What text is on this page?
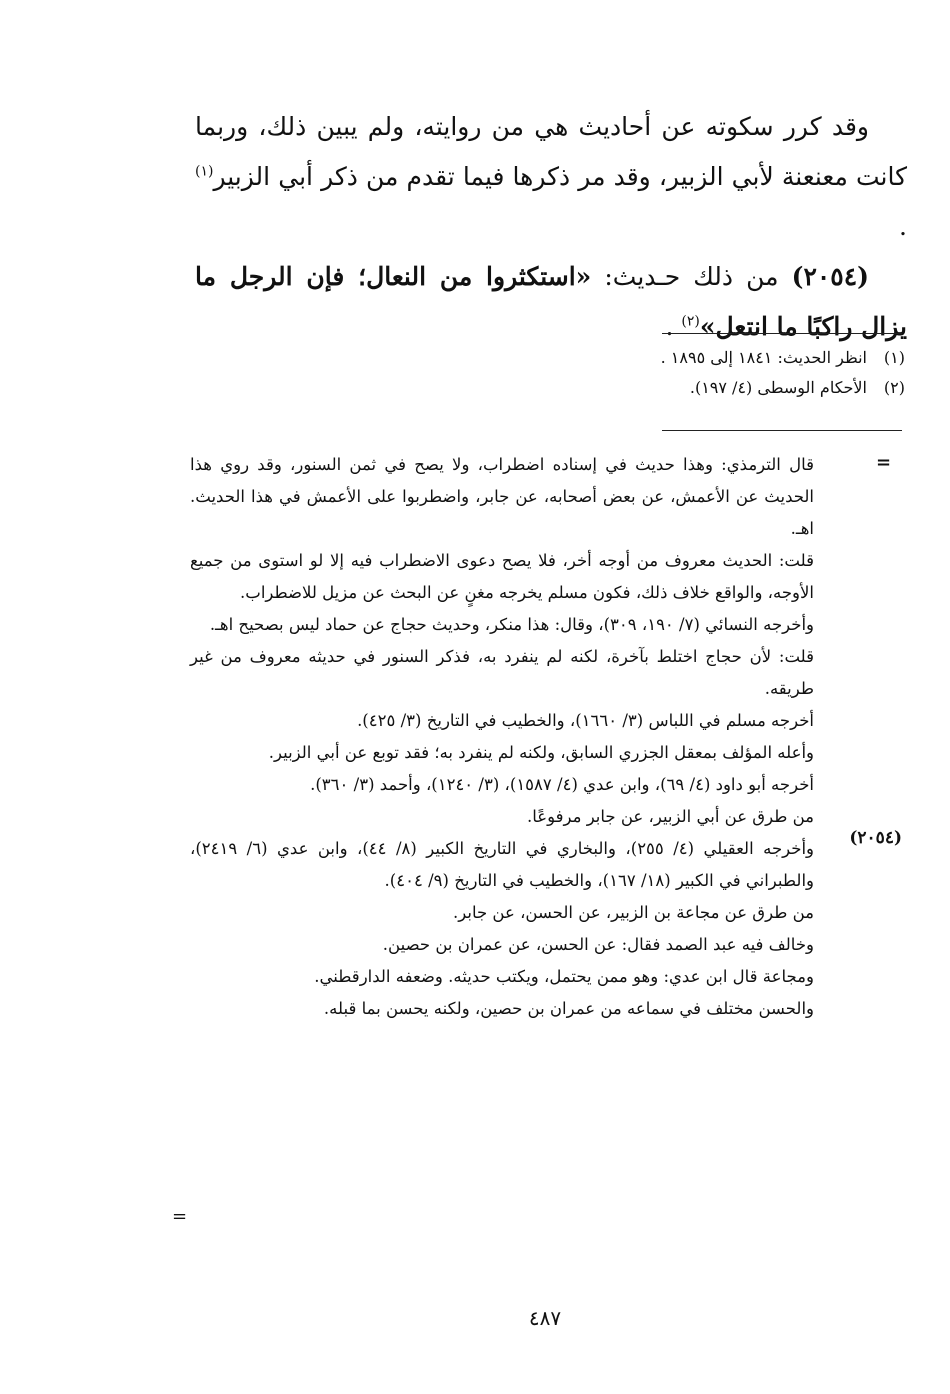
وقد كرر سكوته عن أحاديث هي من روايته، ولم يبين ذلك، وربما كانت معنعنة لأبي الزبير، وقد مر ذكرها فيما تقدم من ذكر أبي الزبير$^{(١)}$ .

(٢٠٥٤) من ذلك حـديث: «استكثروا من النعال؛ فإن الرجل ما يزال راكبًا ما انتعل»$^{(٢)}$ .

(١)انظر الحديث: ١٨٤١ إلى ١٨٩٥ .
(٢)الأحكام الوسطى (٤/ ١٩٧).
=

قال الترمذي: وهذا حديث في إسناده اضطراب، ولا يصح في ثمن السنور، وقد روي هذا الحديث عن الأعمش، عن بعض أصحابه، عن جابر، واضطربوا على الأعمش في هذا الحديث. اهـ.

قلت: الحديث معروف من أوجه أخر، فلا يصح دعوى الاضطراب فيه إلا لو استوى من جميع الأوجه، والواقع خلاف ذلك، فكون مسلم يخرجه مغنٍ عن البحث عن مزيل للاضطراب.

وأخرجه النسائي (٧/ ١٩٠، ٣٠٩)، وقال: هذا منكر، وحديث حجاج عن حماد ليس بصحيح اهـ.

قلت: لأن حجاج اختلط بآخرة، لكنه لم ينفرد به، فذكر السنور في حديثه معروف من غير طريقه.

أخرجه مسلم في اللباس (٣/ ١٦٦٠)، والخطيب في التاريخ (٣/ ٤٢٥).

وأعله المؤلف بمعقل الجزري السابق، ولكنه لم ينفرد به؛ فقد توبع عن أبي الزبير.

أخرجه أبو داود (٤/ ٦٩)، وابن عدي (٤/ ١٥٨٧)، (٣/ ١٢٤٠)، وأحمد (٣/ ٣٦٠).

من طرق عن أبي الزبير، عن جابر مرفوعًا.

وأخرجه العقيلي (٤/ ٢٥٥)، والبخاري في التاريخ الكبير (٨/ ٤٤)، وابن عدي (٦/ ٢٤١٩)، والطبراني في الكبير (١٨/ ١٦٧)، والخطيب في التاريخ (٩/ ٤٠٤).

من طرق عن مجاعة بن الزبير، عن الحسن، عن جابر.

وخالف فيه عبد الصمد فقال: عن الحسن، عن عمران بن حصين.

ومجاعة قال ابن عدي: وهو ممن يحتمل، ويكتب حديثه. وضعفه الدارقطني.

والحسن مختلف في سماعه من عمران بن حصين، ولكنه يحسن بما قبله.

(٢٠٥٤)
=
٤٨٧
